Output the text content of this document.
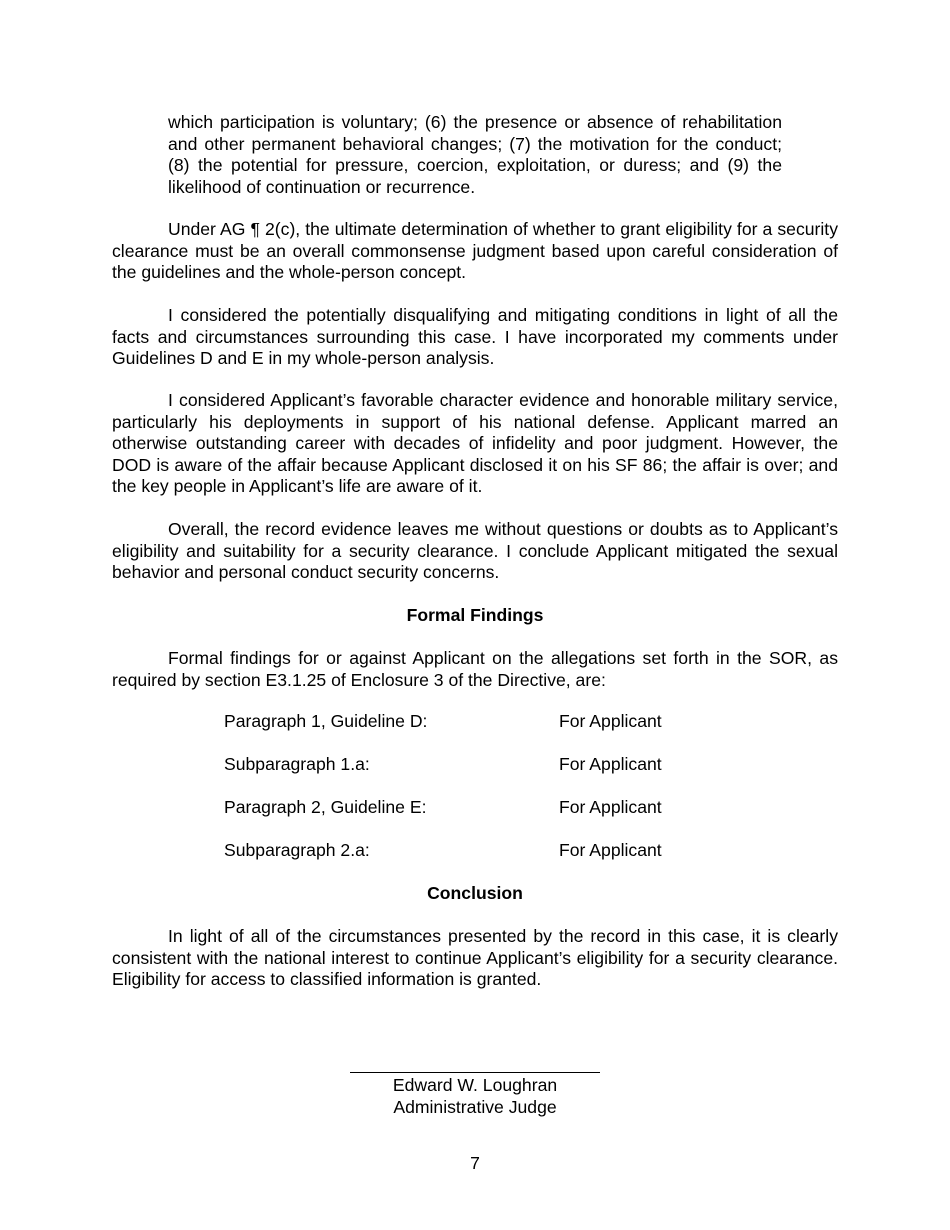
which participation is voluntary; (6) the presence or absence of rehabilitation and other permanent behavioral changes; (7) the motivation for the conduct; (8) the potential for pressure, coercion, exploitation, or duress; and (9) the likelihood of continuation or recurrence.

Under AG ¶ 2(c), the ultimate determination of whether to grant eligibility for a security clearance must be an overall commonsense judgment based upon careful consideration of the guidelines and the whole-person concept.

I considered the potentially disqualifying and mitigating conditions in light of all the facts and circumstances surrounding this case. I have incorporated my comments under Guidelines D and E in my whole-person analysis.

I considered Applicant’s favorable character evidence and honorable military service, particularly his deployments in support of his national defense. Applicant marred an otherwise outstanding career with decades of infidelity and poor judgment. However, the DOD is aware of the affair because Applicant disclosed it on his SF 86; the affair is over; and the key people in Applicant’s life are aware of it.

Overall, the record evidence leaves me without questions or doubts as to Applicant’s eligibility and suitability for a security clearance. I conclude Applicant mitigated the sexual behavior and personal conduct security concerns.

Formal Findings

Formal findings for or against Applicant on the allegations set forth in the SOR, as required by section E3.1.25 of Enclosure 3 of the Directive, are:

Paragraph 1, Guideline D:	For Applicant
Subparagraph 1.a:	For Applicant
Paragraph 2, Guideline E:	For Applicant
Subparagraph 2.a:	For Applicant
Conclusion

In light of all of the circumstances presented by the record in this case, it is clearly consistent with the national interest to continue Applicant’s eligibility for a security clearance. Eligibility for access to classified information is granted.

Edward W. Loughran
Administrative Judge
7
